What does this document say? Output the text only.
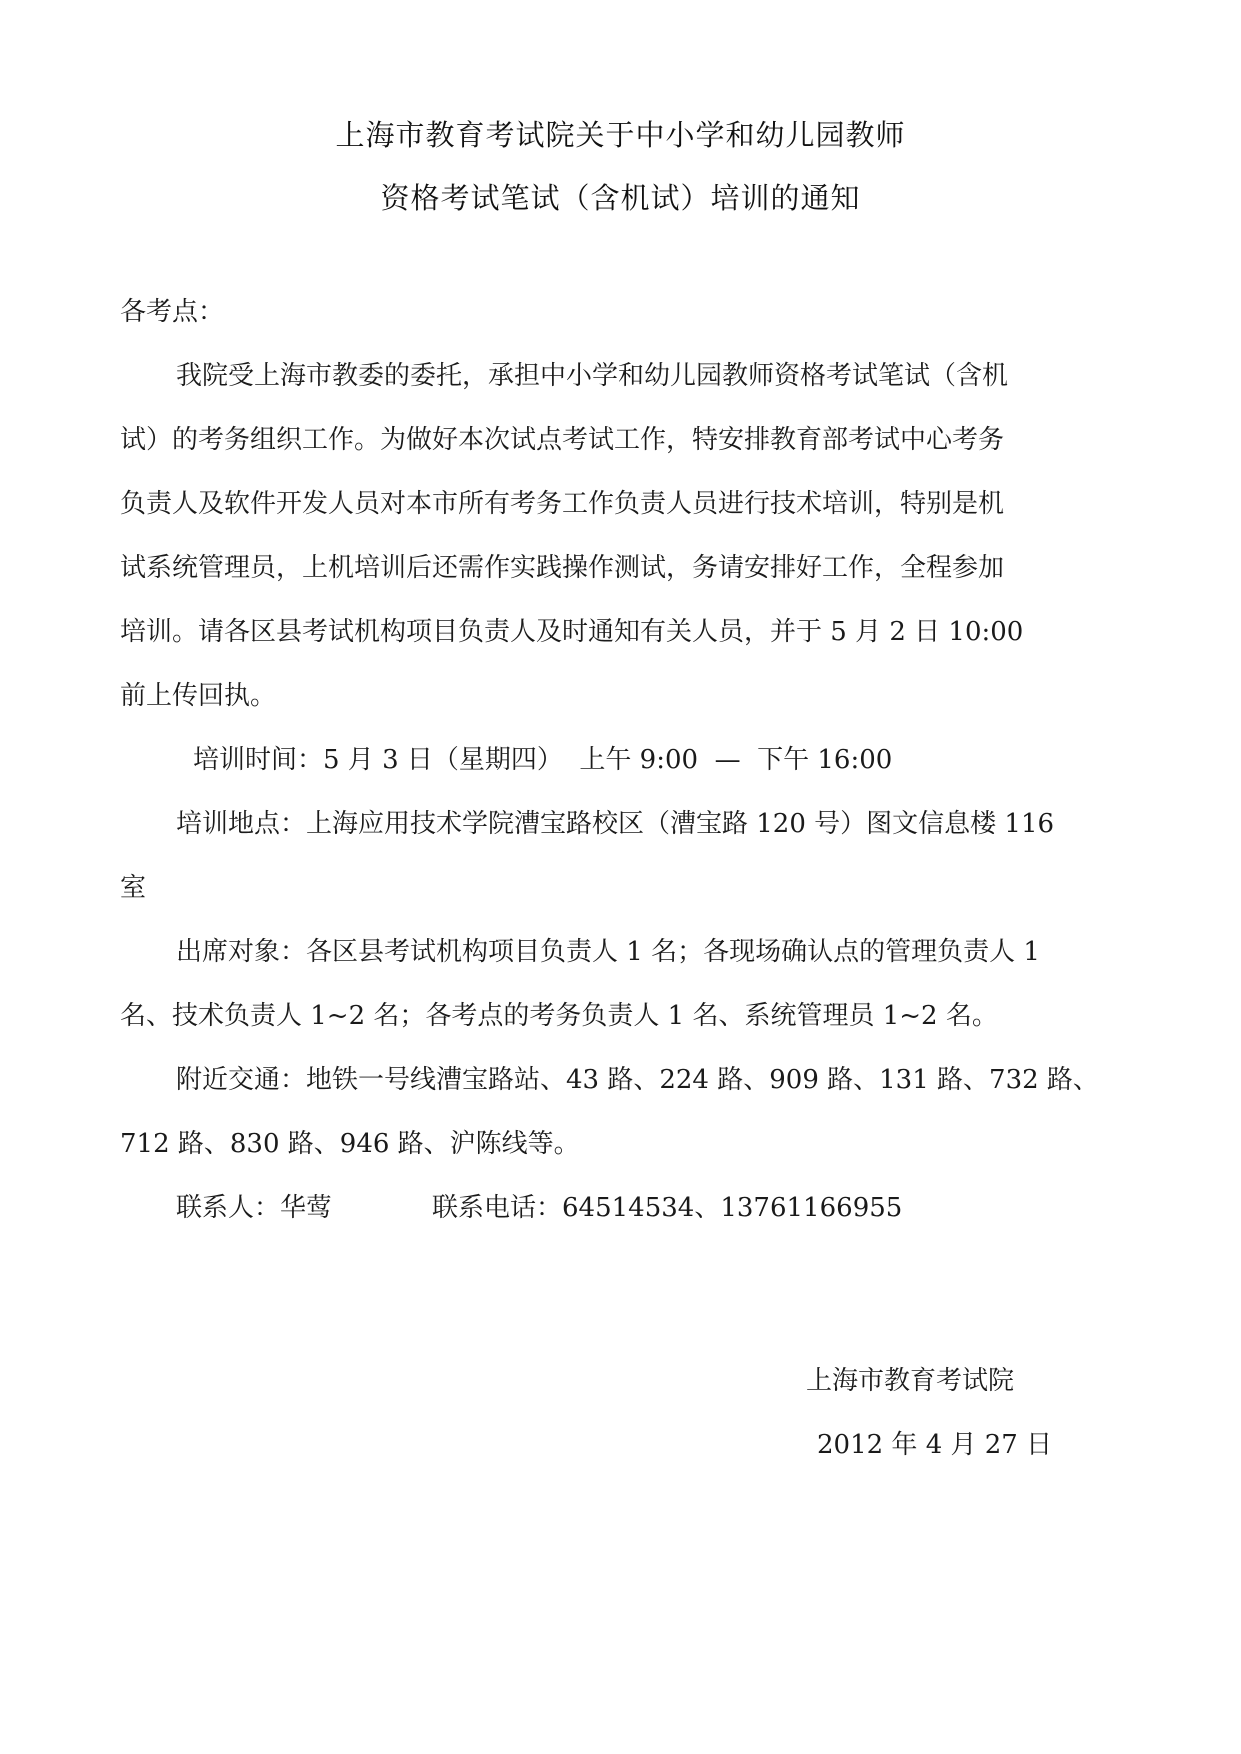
上海市教育考试院关于中小学和幼儿园教师
资格考试笔试（含机试）培训的通知
各考点：
我院受上海市教委的委托，承担中小学和幼儿园教师资格考试笔试（含机
试）的考务组织工作。为做好本次试点考试工作，特安排教育部考试中心考务
负责人及软件开发人员对本市所有考务工作负责人员进行技术培训，特别是机
试系统管理员，上机培训后还需作实践操作测试，务请安排好工作，全程参加
培训。请各区县考试机构项目负责人及时通知有关人员，并于 5 月 2 日 10:00
前上传回执。
培训时间：5 月 3 日（星期四）  上午 9:00  —  下午 16:00
培训地点：上海应用技术学院漕宝路校区（漕宝路 120 号）图文信息楼 116
室
出席对象：各区县考试机构项目负责人 1 名；各现场确认点的管理负责人 1
名、技术负责人 1~2 名；各考点的考务负责人 1 名、系统管理员 1~2 名。
附近交通：地铁一号线漕宝路站、43 路、224 路、909 路、131 路、732 路、
712 路、830 路、946 路、沪陈线等。
联系人：华莺	联系电话：64514534、13761166955
上海市教育考试院
2012 年 4 月 27 日
